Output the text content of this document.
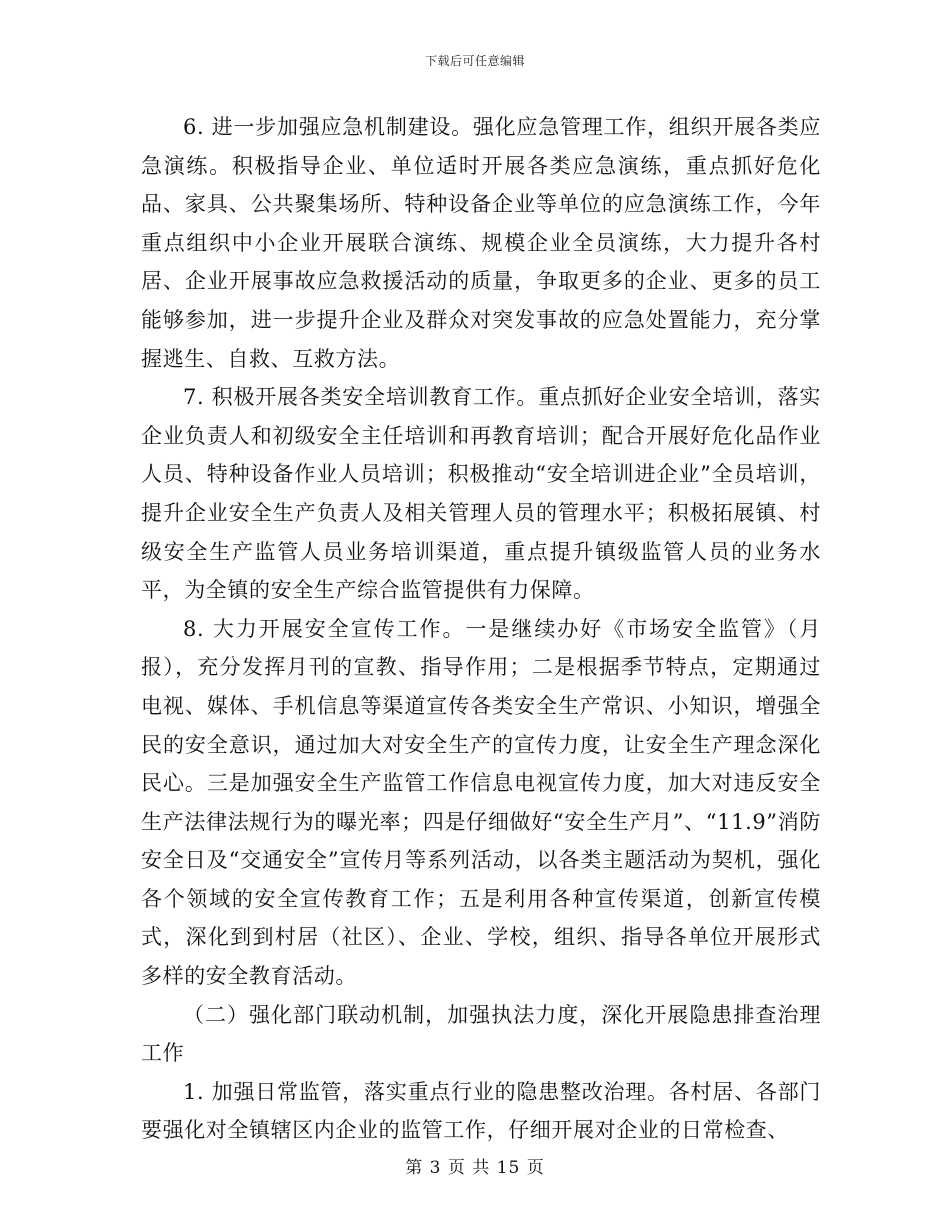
下载后可任意编辑

6. 进一步加强应急机制建设。强化应急管理工作，组织开展各类应急演练。积极指导企业、单位适时开展各类应急演练，重点抓好危化品、家具、公共聚集场所、特种设备企业等单位的应急演练工作，今年重点组织中小企业开展联合演练、规模企业全员演练，大力提升各村居、企业开展事故应急救援活动的质量，争取更多的企业、更多的员工能够参加，进一步提升企业及群众对突发事故的应急处置能力，充分掌握逃生、自救、互救方法。

7. 积极开展各类安全培训教育工作。重点抓好企业安全培训，落实企业负责人和初级安全主任培训和再教育培训；配合开展好危化品作业人员、特种设备作业人员培训；积极推动“安全培训进企业”全员培训，提升企业安全生产负责人及相关管理人员的管理水平；积极拓展镇、村级安全生产监管人员业务培训渠道，重点提升镇级监管人员的业务水平，为全镇的安全生产综合监管提供有力保障。

8. 大力开展安全宣传工作。一是继续办好《市场安全监管》（月报），充分发挥月刊的宣教、指导作用；二是根据季节特点，定期通过电视、媒体、手机信息等渠道宣传各类安全生产常识、小知识，增强全民的安全意识，通过加大对安全生产的宣传力度，让安全生产理念深化民心。三是加强安全生产监管工作信息电视宣传力度，加大对违反安全生产法律法规行为的曝光率；四是仔细做好“安全生产月”、“11.9”消防安全日及“交通安全”宣传月等系列活动，以各类主题活动为契机，强化各个领域的安全宣传教育工作；五是利用各种宣传渠道，创新宣传模式，深化到到村居（社区）、企业、学校，组织、指导各单位开展形式多样的安全教育活动。

（二）强化部门联动机制，加强执法力度，深化开展隐患排查治理工作

1. 加强日常监管，落实重点行业的隐患整改治理。各村居、各部门要强化对全镇辖区内企业的监管工作，仔细开展对企业的日常检查、

第 3 页 共 15 页
